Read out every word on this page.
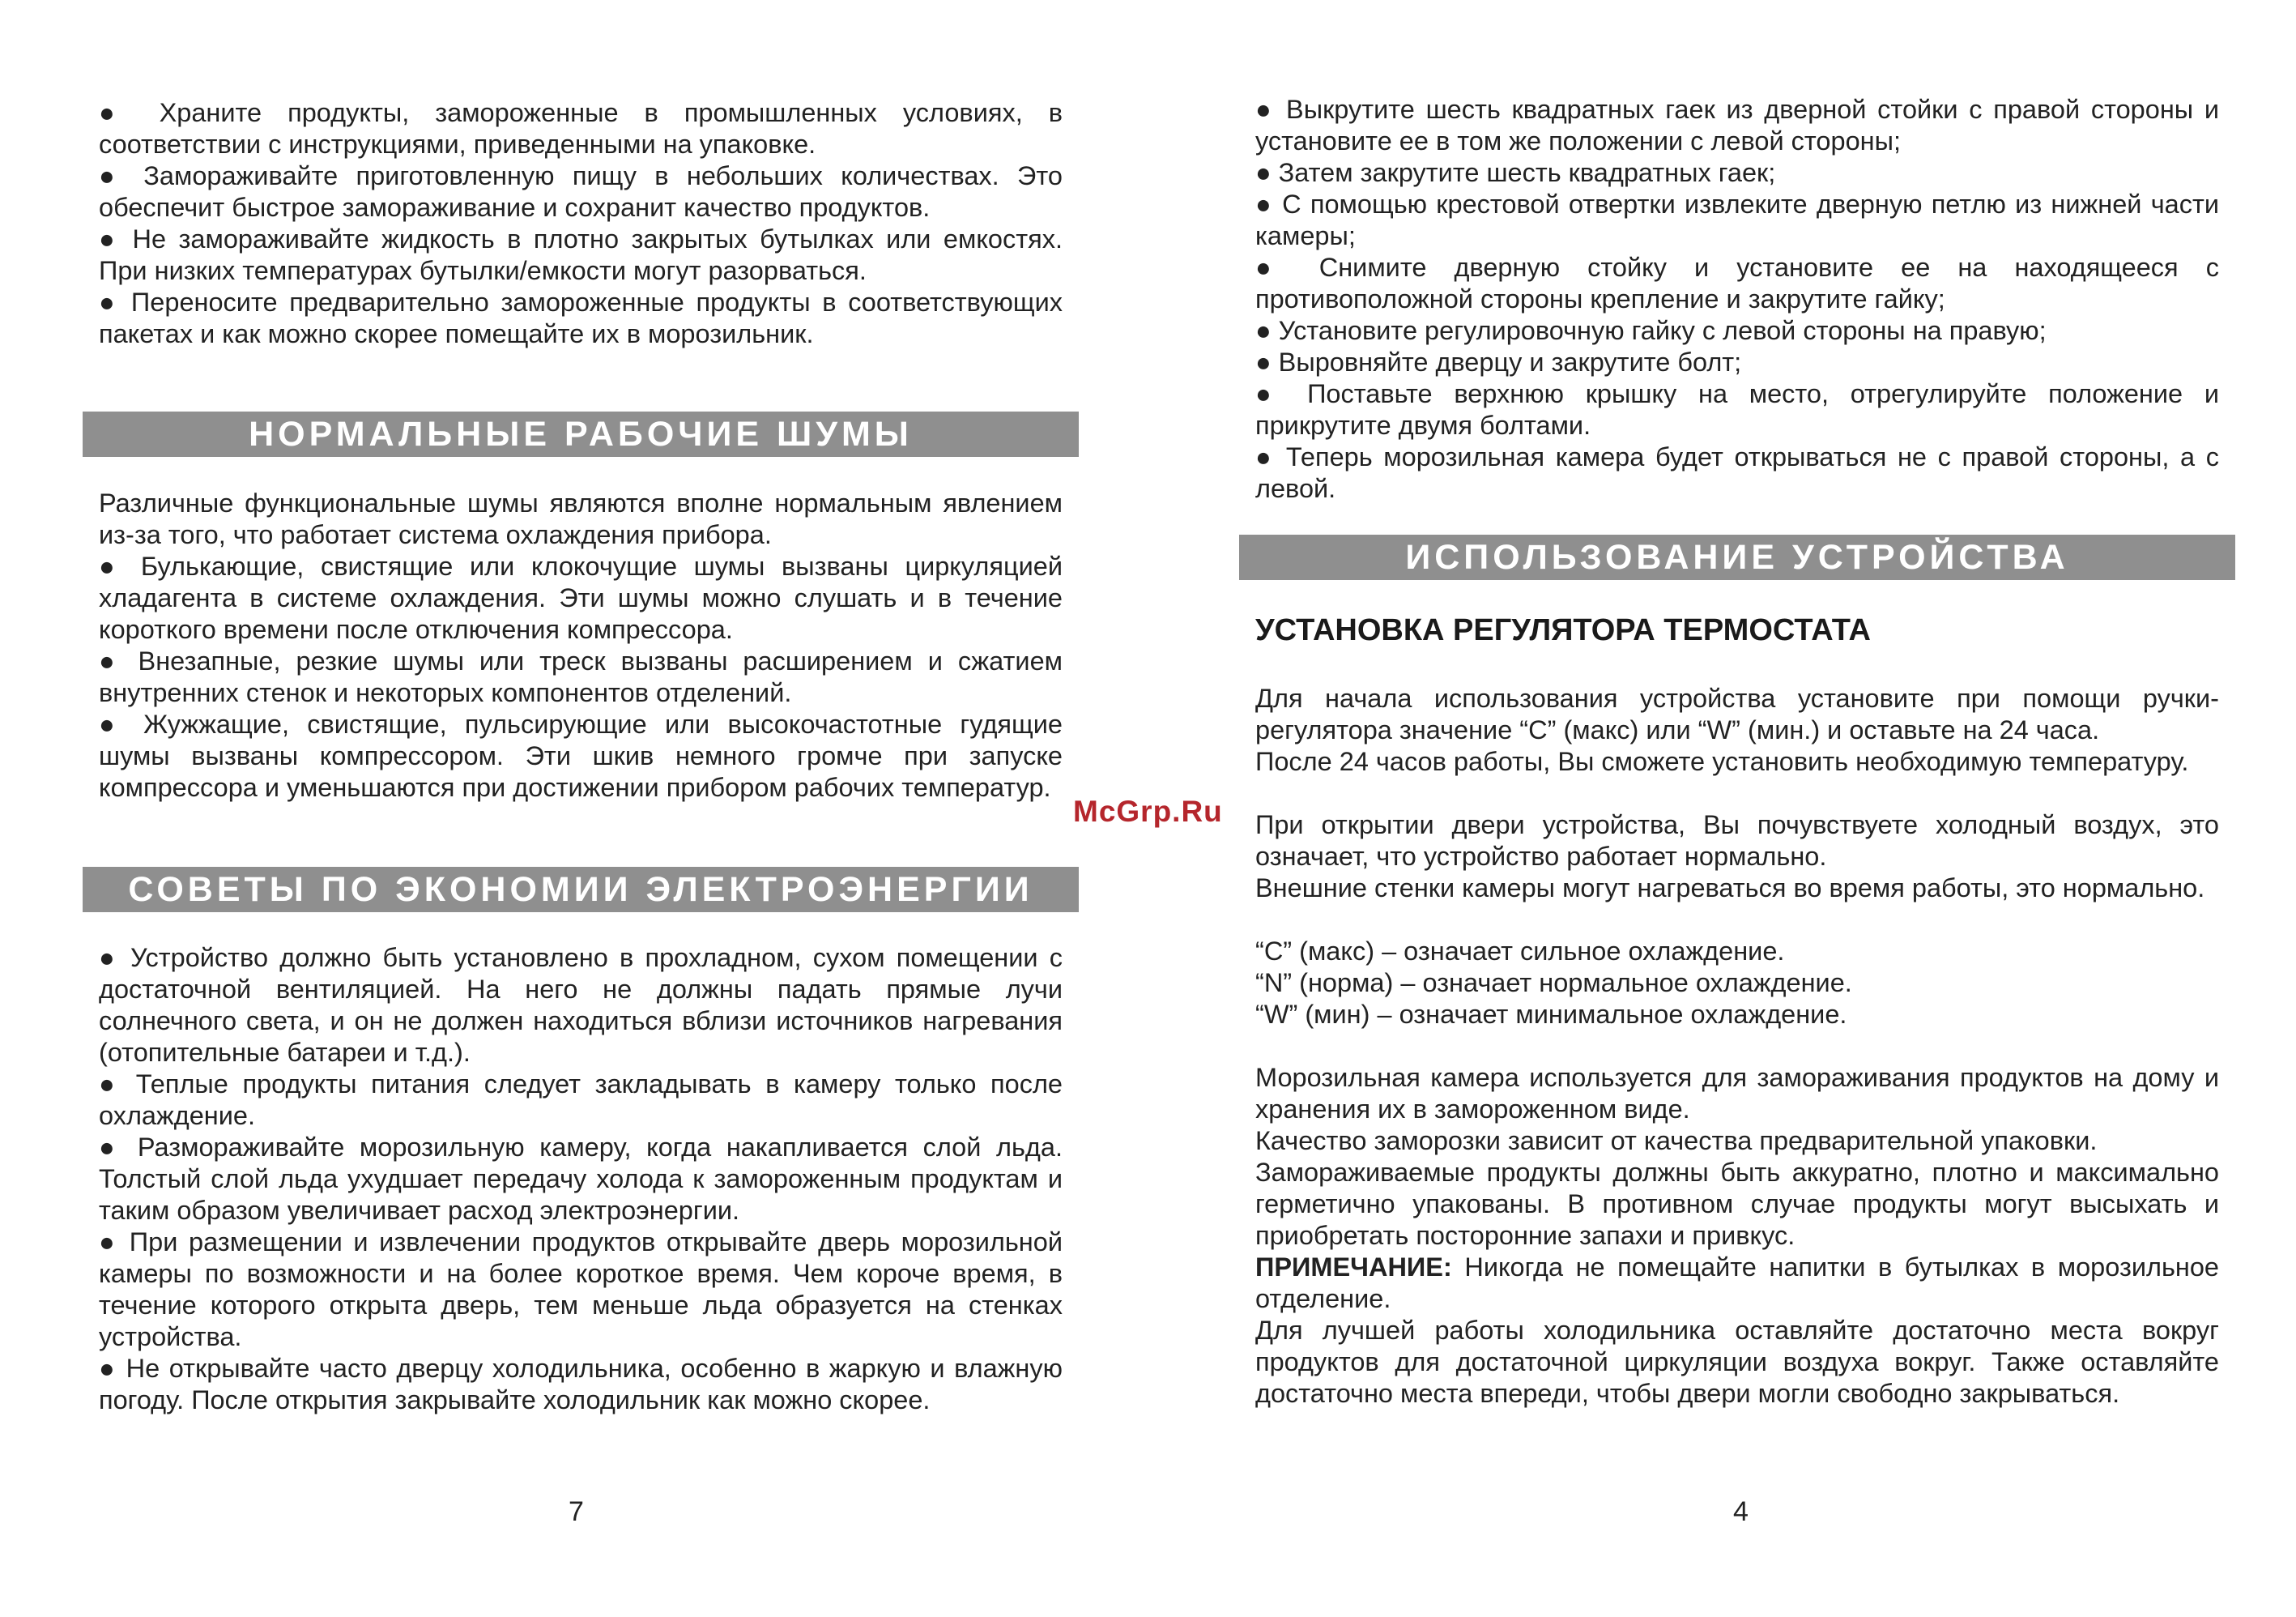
● Храните продукты, замороженные в промышленных условиях, в соответствии с инструкциями, приведенными на упаковке.

● Замораживайте приготовленную пищу в небольших количествах. Это обеспечит быстрое замораживание и сохранит качество продуктов.

● Не замораживайте жидкость в плотно закрытых бутылках или емкостях. При низких температурах бутылки/емкости могут разорваться.

● Переносите предварительно замороженные продукты в соответствующих пакетах и как можно скорее помещайте их в морозильник.

НОРМАЛЬНЫЕ РАБОЧИЕ ШУМЫ

Различные функциональные шумы являются вполне нормальным явлением из-за того, что работает система охлаждения прибора.

● Булькающие, свистящие или клокочущие шумы вызваны циркуляцией хладагента в системе охлаждения. Эти шумы можно слушать и в течение короткого времени после отключения компрессора.

● Внезапные, резкие шумы или треск вызваны расширением и сжатием внутренних стенок и некоторых компонентов отделений.

● Жужжащие, свистящие, пульсирующие или высокочастотные гудящие шумы вызваны компрессором. Эти шкив немного громче при запуске компрессора и уменьшаются при достижении прибором рабочих температур.

СОВЕТЫ ПО ЭКОНОМИИ ЭЛЕКТРОЭНЕРГИИ

● Устройство должно быть установлено в прохладном, сухом помещении с достаточной вентиляцией. На него не должны падать прямые лучи солнечного света, и он не должен находиться вблизи источников нагревания (отопительные батареи и т.д.).

● Теплые продукты питания следует закладывать в камеру только после охлаждение.

● Размораживайте морозильную камеру, когда накапливается слой льда. Толстый слой льда ухудшает передачу холода к замороженным продуктам и таким образом увеличивает расход электроэнергии.

● При размещении и извлечении продуктов открывайте дверь морозильной камеры по возможности и на более короткое время. Чем короче время, в течение которого открыта дверь, тем меньше льда образуется на стенках устройства.

● Не открывайте часто дверцу холодильника, особенно в жаркую и влажную погоду. После открытия закрывайте холодильник как можно скорее.

7
McGrp.Ru

● Выкрутите шесть квадратных гаек из дверной стойки с правой стороны и установите ее в том же положении с левой стороны;

● Затем закрутите шесть квадратных гаек;

● С помощью крестовой отвертки извлеките дверную петлю из нижней части камеры;

● Снимите дверную стойку и установите ее на находящееся с противоположной стороны крепление и закрутите гайку;

● Установите регулировочную гайку с левой стороны на правую;

● Выровняйте дверцу и закрутите болт;

● Поставьте верхнюю крышку на место, отрегулируйте положение и прикрутите двумя болтами.

● Теперь морозильная камера будет открываться не с правой стороны, а с левой.

ИСПОЛЬЗОВАНИЕ УСТРОЙСТВА
УСТАНОВКА РЕГУЛЯТОРА ТЕРМОСТАТА

Для начала использования устройства установите при помощи ручки-регулятора значение “С” (макс) или “W” (мин.) и оставьте на 24 часа.

После 24 часов работы, Вы сможете установить необходимую температуру.

При открытии двери устройства, Вы почувствуете холодный воздух, это означает, что устройство работает нормально.

Внешние стенки камеры могут нагреваться во время работы, это нормально.

“С” (макс) – означает сильное охлаждение.

“N” (норма) – означает нормальное охлаждение.

“W” (мин) – означает минимальное охлаждение.

Морозильная камера используется для замораживания продуктов на дому и хранения их в замороженном виде.

Качество заморозки зависит от качества предварительной упаковки.

Замораживаемые продукты должны быть аккуратно, плотно и максимально герметично упакованы. В противном случае продукты могут высыхать и приобретать посторонние запахи и привкус.

ПРИМЕЧАНИЕ: Никогда не помещайте напитки в бутылках в морозильное отделение.

Для лучшей работы холодильника оставляйте достаточно места вокруг продуктов для достаточной циркуляции воздуха вокруг. Также оставляйте достаточно места впереди, чтобы двери могли свободно закрываться.

4
